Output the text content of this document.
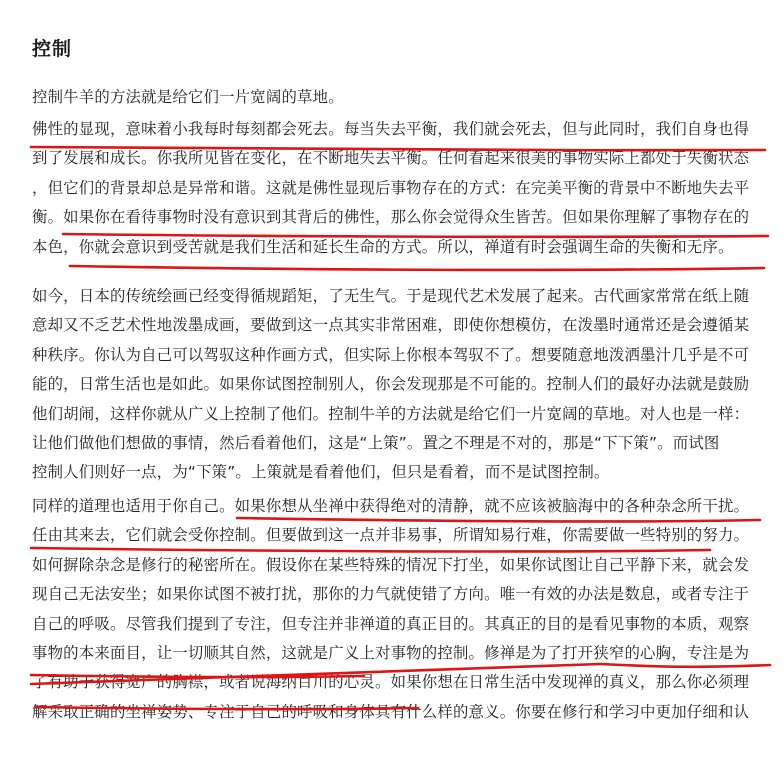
控制
控制牛羊的方法就是给它们一片宽阔的草地。
佛性的显现，意味着小我每时每刻都会死去。每当失去平衡，我们就会死去，但与此同时，我们自身也得
到了发展和成长。你我所见皆在变化，在不断地失去平衡。任何看起来很美的事物实际上都处于失衡状态
，但它们的背景却总是异常和谐。这就是佛性显现后事物存在的方式：在完美平衡的背景中不断地失去平
衡。如果你在看待事物时没有意识到其背后的佛性，那么你会觉得众生皆苦。但如果你理解了事物存在的
本色，你就会意识到受苦就是我们生活和延长生命的方式。所以，禅道有时会强调生命的失衡和无序。
如今，日本的传统绘画已经变得循规蹈矩，了无生气。于是现代艺术发展了起来。古代画家常常在纸上随
意却又不乏艺术性地泼墨成画，要做到这一点其实非常困难，即使你想模仿，在泼墨时通常还是会遵循某
种秩序。你认为自己可以驾驭这种作画方式，但实际上你根本驾驭不了。想要随意地泼洒墨汁几乎是不可
能的，日常生活也是如此。如果你试图控制别人，你会发现那是不可能的。控制人们的最好办法就是鼓励
他们胡闹，这样你就从广义上控制了他们。控制牛羊的方法就是给它们一片宽阔的草地。对人也是一样：
让他们做他们想做的事情，然后看着他们，这是“上策”。置之不理是不对的，那是“下下策”。而试图
控制人们则好一点，为“下策”。上策就是看着他们，但只是看着，而不是试图控制。
同样的道理也适用于你自己。如果你想从坐禅中获得绝对的清静，就不应该被脑海中的各种杂念所干扰。
任由其来去，它们就会受你控制。但要做到这一点并非易事，所谓知易行难，你需要做一些特别的努力。
如何摒除杂念是修行的秘密所在。假设你在某些特殊的情况下打坐，如果你试图让自己平静下来，就会发
现自己无法安坐；如果你试图不被打扰，那你的力气就使错了方向。唯一有效的办法是数息，或者专注于
自己的呼吸。尽管我们提到了专注，但专注并非禅道的真正目的。其真正的目的是看见事物的本质，观察
事物的本来面目，让一切顺其自然，这就是广义上对事物的控制。修禅是为了打开狭窄的心胸，专注是为
了有助于获得宽广的胸襟，或者说海纳百川的心灵。如果你想在日常生活中发现禅的真义，那么你必须理
解采取正确的坐禅姿势、专注于自己的呼吸和身体具有什么样的意义。你要在修行和学习中更加仔细和认
